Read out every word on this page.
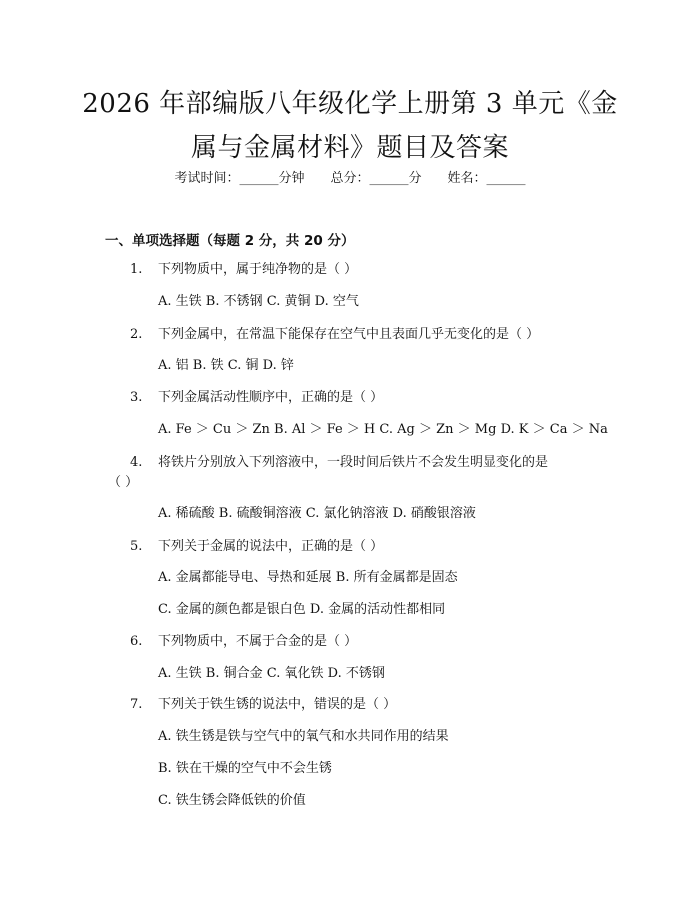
2026 年部编版八年级化学上册第 3 单元《金
属与金属材料》题目及答案
考试时间：______分钟 总分：______分 姓名：______
一、单项选择题（每题 2 分，共 20 分）
1. 下列物质中，属于纯净物的是（ ）
A. 生铁 B. 不锈钢 C. 黄铜 D. 空气
2. 下列金属中，在常温下能保存在空气中且表面几乎无变化的是（ ）
A. 铝 B. 铁 C. 铜 D. 锌
3. 下列金属活动性顺序中，正确的是（ ）
A. Fe ＞ Cu ＞ Zn B. Al ＞ Fe ＞ H C. Ag ＞ Zn ＞ Mg D. K ＞ Ca ＞ Na
4. 将铁片分别放入下列溶液中，一段时间后铁片不会发生明显变化的是
（ ）
A. 稀硫酸 B. 硫酸铜溶液 C. 氯化钠溶液 D. 硝酸银溶液
5. 下列关于金属的说法中，正确的是（ ）
A. 金属都能导电、导热和延展 B. 所有金属都是固态
C. 金属的颜色都是银白色 D. 金属的活动性都相同
6. 下列物质中，不属于合金的是（ ）
A. 生铁 B. 铜合金 C. 氧化铁 D. 不锈钢
7. 下列关于铁生锈的说法中，错误的是（ ）
A. 铁生锈是铁与空气中的氧气和水共同作用的结果
B. 铁在干燥的空气中不会生锈
C. 铁生锈会降低铁的价值
